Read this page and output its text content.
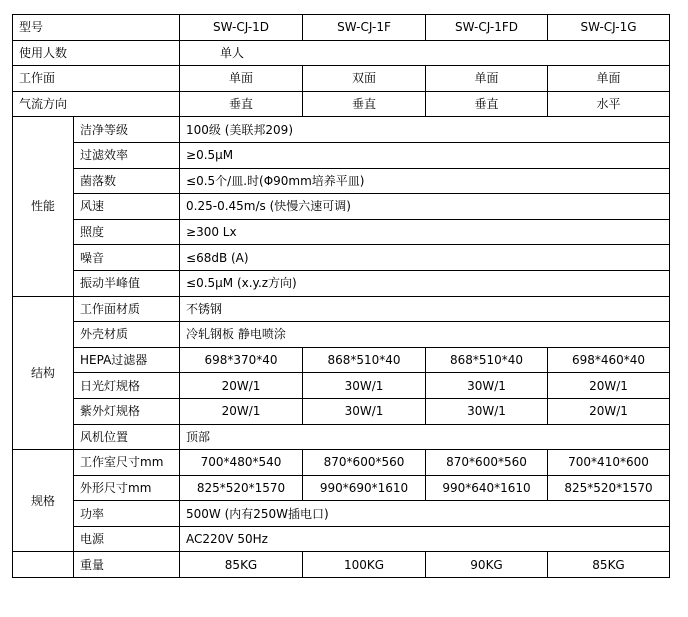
型号		SW-CJ-1D	SW-CJ-1F	SW-CJ-1FD	SW-CJ-1G
使用人数		单人			
工作面		单面	双面	单面	单面
气流方向		垂直	垂直	垂直	水平
性能	洁净等级	100级 (美联邦209)			
	过滤效率	≥0.5μM			
	菌落数	≤0.5个/皿.时(Φ90mm培养平皿)			
	风速	0.25-0.45m/s (快慢六速可调)			
	照度	≥300 Lx			
	噪音	≤68dB (A)			
	振动半峰值	≤0.5μM (x.y.z方向)			
结构	工作面材质	不锈钢			
	外壳材质	冷轧钢板 静电喷涂			
	HEPA过滤器	698*370*40	868*510*40	868*510*40	698*460*40
	日光灯规格	20W/1	30W/1	30W/1	20W/1
	紫外灯规格	20W/1	30W/1	30W/1	20W/1
	风机位置	顶部			
规格	工作室尺寸mm	700*480*540	870*600*560	870*600*560	700*410*600
	外形尺寸mm	825*520*1570	990*690*1610	990*640*1610	825*520*1570
	功率	500W (内有250W插电口)			
	电源	AC220V 50Hz			
	重量	85KG	100KG	90KG	85KG
